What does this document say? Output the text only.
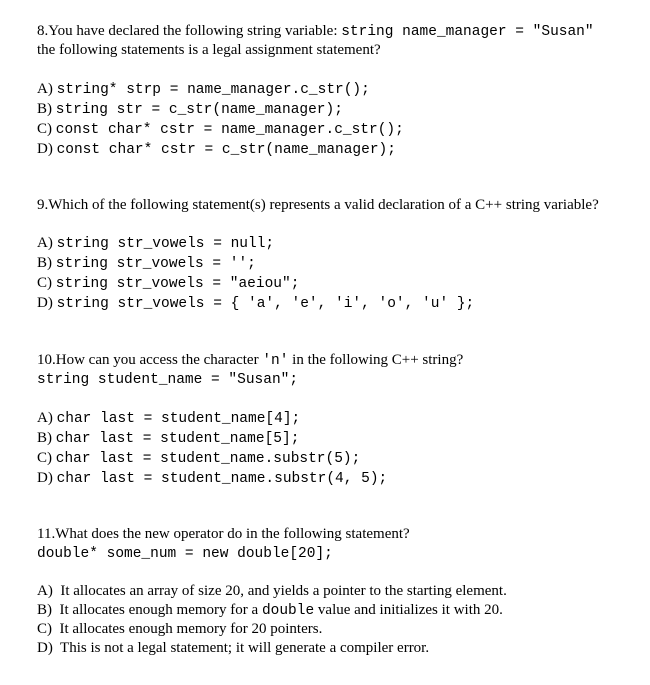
8.You have declared the following string variable: string name_manager = "Susan"
the following statements is a legal assignment statement?
A) string* strp = name_manager.c_str();
B) string str = c_str(name_manager);
C) const char* cstr = name_manager.c_str();
D) const char* cstr = c_str(name_manager);
9.Which of the following statement(s) represents a valid declaration of a C++ string variable?
A) string str_vowels = null;
B) string str_vowels = '';
C) string str_vowels = "aeiou";
D) string str_vowels = { 'a', 'e', 'i', 'o', 'u' };
10.How can you access the character 'n' in the following C++ string?
string student_name = "Susan";
A) char last = student_name[4];
B) char last = student_name[5];
C) char last = student_name.substr(5);
D) char last = student_name.substr(4, 5);
11.What does the new operator do in the following statement?
double* some_num = new double[20];
A)  It allocates an array of size 20, and yields a pointer to the starting element.
B)  It allocates enough memory for a double value and initializes it with 20.
C)  It allocates enough memory for 20 pointers.
D)  This is not a legal statement; it will generate a compiler error.
